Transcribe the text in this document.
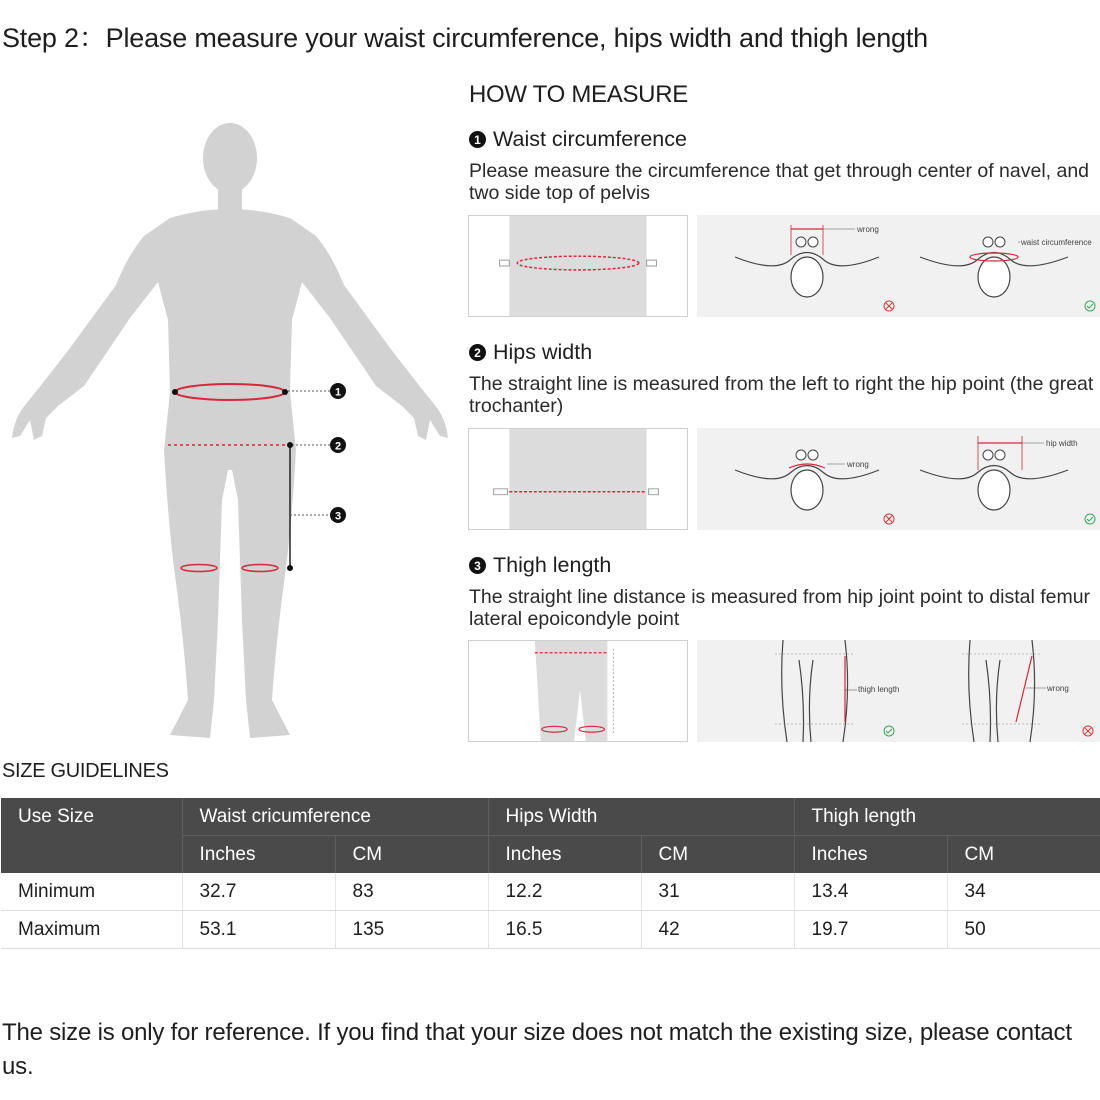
Step 2：Please measure your waist circumference, hips width and thigh length
1
2
3
HOW TO MEASURE
1 Waist circumference
Please measure the circumference that get through center of navel, and two side top of pelvis
wrong
waist circumference
2 Hips width
The straight line is measured from the left to right the hip point (the great trochanter)
wrong
hip width
3 Thigh length
The straight line distance is measured from hip joint point to distal femur lateral epoicondyle point
thigh length	wrong
SIZE GUIDELINES
Use Size	Waist cricumference		Hips Width		Thigh length	
	Inches	CM	Inches	CM	Inches	CM
Minimum	32.7	83	12.2	31	13.4	34
Maximum	53.1	135	16.5	42	19.7	50
The size is only for reference. If you find that your size does not match the existing size, please contact us.
